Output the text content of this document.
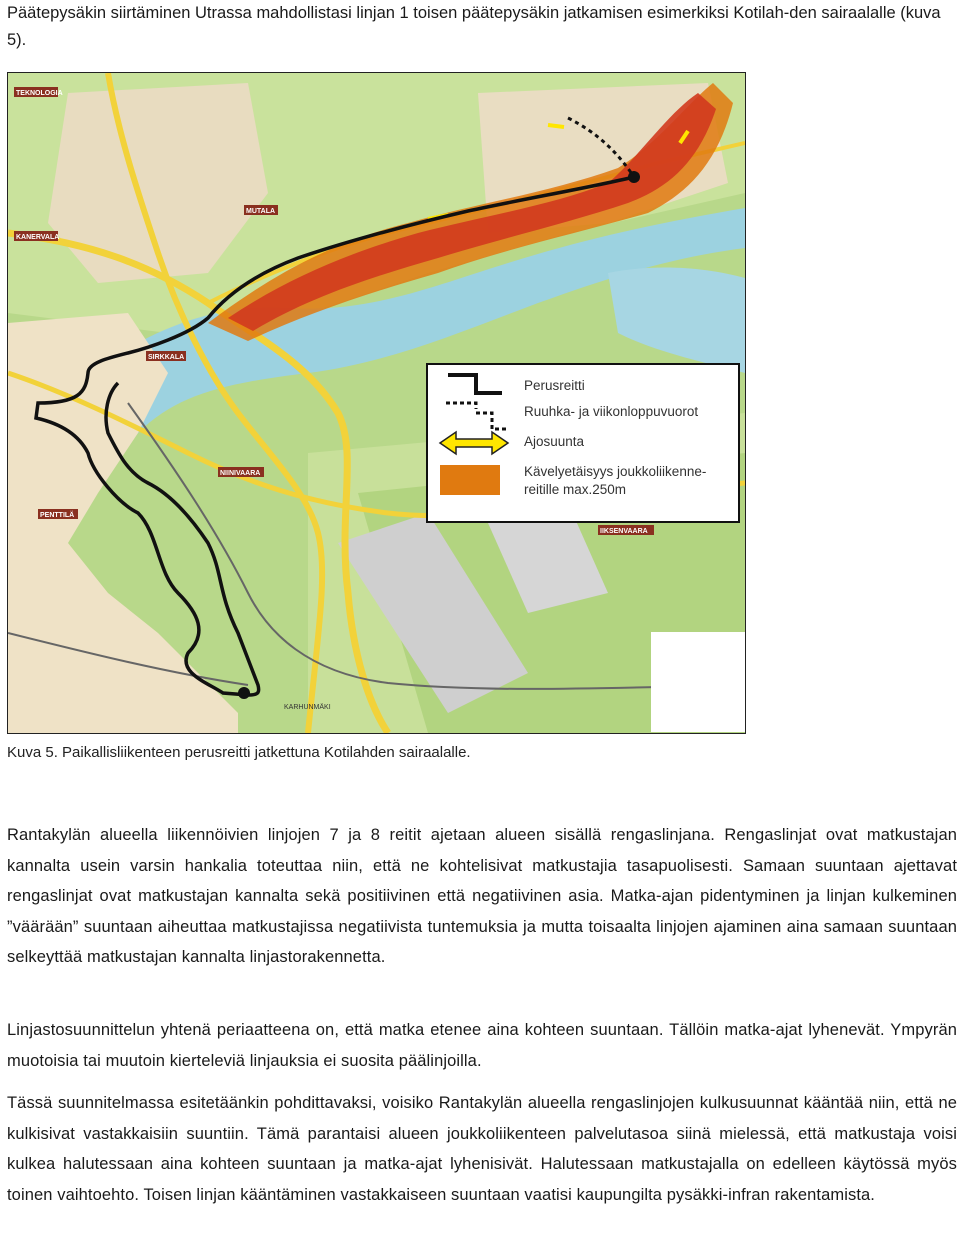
Päätepysäkin siirtäminen Utrassa mahdollistasi linjan 1 toisen päätepysäkin jatkamisen esimerkiksi Kotilah-den sairaalalle (kuva 5).

TEKNOLOGIA
KANERVALA
MUTALA
PENTTILÄ
SIRKKALA
NIINIVAARA
IIKSENVAARA
KARHUNMÄKI
Perusreitti
Ruuhka- ja viikonloppuvuorot
Ajosuunta
Kävelyetäisyys joukkoliikenne-
reitille max.250m

Kuva 5. Paikallisliikenteen perusreitti jatkettuna Kotilahden sairaalalle.

Rantakylän alueella liikennöivien linjojen 7 ja 8 reitit ajetaan alueen sisällä rengaslinjana. Rengaslinjat ovat matkustajan kannalta usein varsin hankalia toteuttaa niin, että ne kohtelisivat matkustajia tasapuolisesti. Samaan suuntaan ajettavat rengaslinjat ovat matkustajan kannalta sekä positiivinen että negatiivinen asia. Matka-ajan pidentyminen ja linjan kulkeminen ”väärään” suuntaan aiheuttaa matkustajissa negatiivista tuntemuksia ja mutta toisaalta linjojen ajaminen aina samaan suuntaan selkeyttää matkustajan kannalta linjastorakennetta.

Linjastosuunnittelun yhtenä periaatteena on, että matka etenee aina kohteen suuntaan. Tällöin matka-ajat lyhenevät. Ympyrän muotoisia tai muutoin kierteleviä linjauksia ei suosita päälinjoilla.

Tässä suunnitelmassa esitetäänkin pohdittavaksi, voisiko Rantakylän alueella rengaslinjojen kulkusuunnat kääntää niin, että ne kulkisivat vastakkaisiin suuntiin. Tämä parantaisi alueen joukkoliikenteen palvelutasoa siinä mielessä, että matkustaja voisi kulkea halutessaan aina kohteen suuntaan ja matka-ajat lyhenisivät. Halutessaan matkustajalla on edelleen käytössä myös toinen vaihtoehto. Toisen linjan kääntäminen vastakkaiseen suuntaan vaatisi kaupungilta pysäkki-infran rakentamista.
